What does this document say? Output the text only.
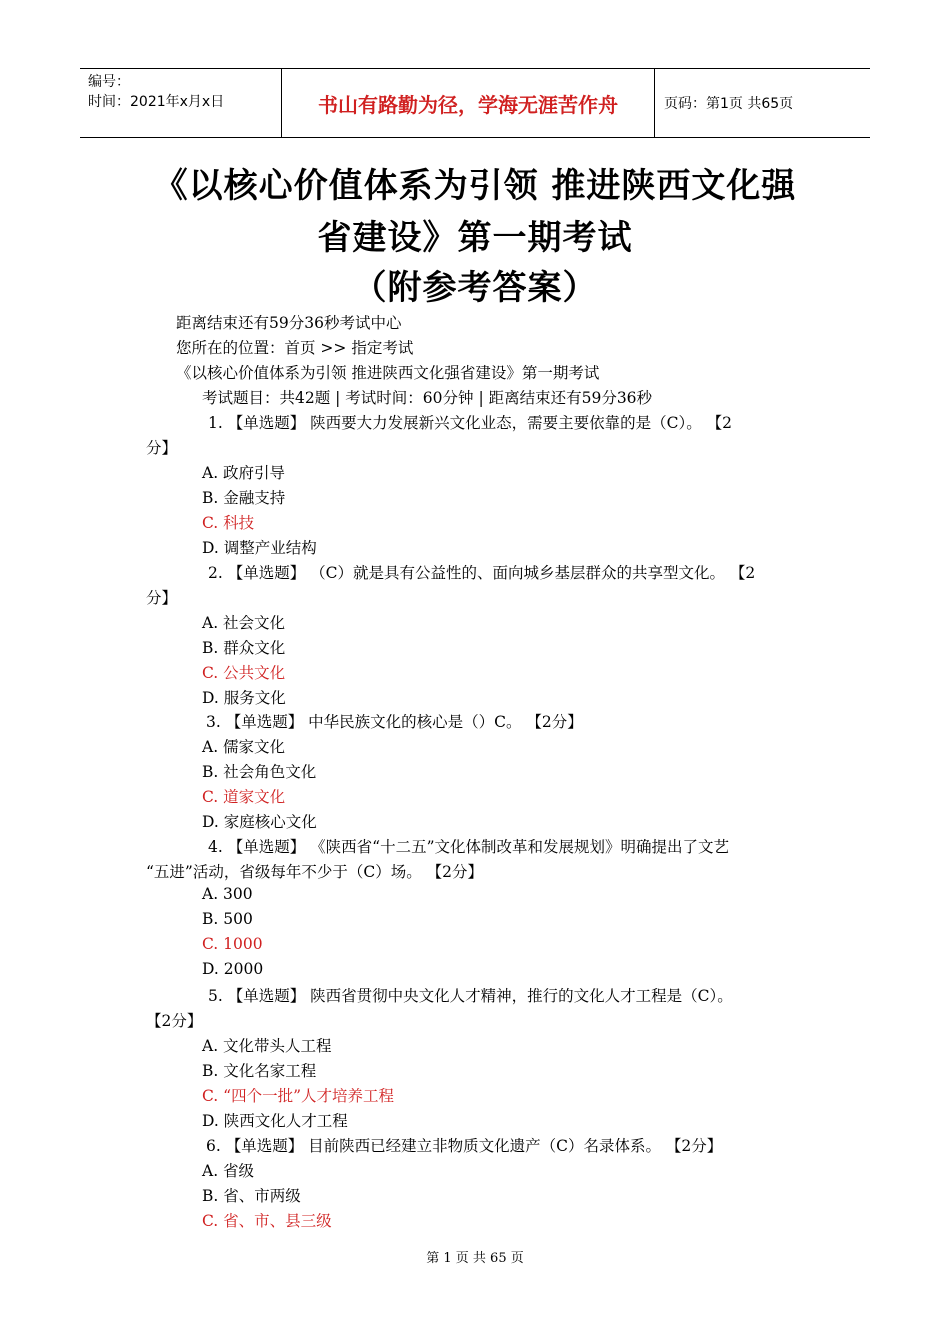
编号：
时间：2021年x月x日	书山有路勤为径，学海无涯苦作舟	页码：第1页 共65页
《以核心价值体系为引领 推进陕西文化强
省建设》第一期考试
（附参考答案）
距离结束还有59分36秒考试中心
您所在的位置：首页 >> 指定考试
《以核心价值体系为引领 推进陕西文化强省建设》第一期考试
考试题目：共42题 | 考试时间：60分钟 | 距离结束还有59分36秒
1. 【单选题】 陕西要大力发展新兴文化业态，需要主要依靠的是（C）。 【2
分】
A. 政府引导
B. 金融支持
C. 科技
D. 调整产业结构
2. 【单选题】 （C）就是具有公益性的、面向城乡基层群众的共享型文化。 【2
分】
A. 社会文化
B. 群众文化
C. 公共文化
D. 服务文化
3. 【单选题】 中华民族文化的核心是（）C。 【2分】
A. 儒家文化
B. 社会角色文化
C. 道家文化
D. 家庭核心文化
4. 【单选题】 《陕西省“十二五”文化体制改革和发展规划》明确提出了文艺
“五进”活动，省级每年不少于（C）场。 【2分】
A. 300
B. 500
C. 1000
D. 2000
5. 【单选题】 陕西省贯彻中央文化人才精神，推行的文化人才工程是（C）。
【2分】
A. 文化带头人工程
B. 文化名家工程
C. “四个一批”人才培养工程
D. 陕西文化人才工程
6. 【单选题】 目前陕西已经建立非物质文化遗产（C）名录体系。 【2分】
A. 省级
B. 省、市两级
C. 省、市、县三级
第 1 页 共 65 页
